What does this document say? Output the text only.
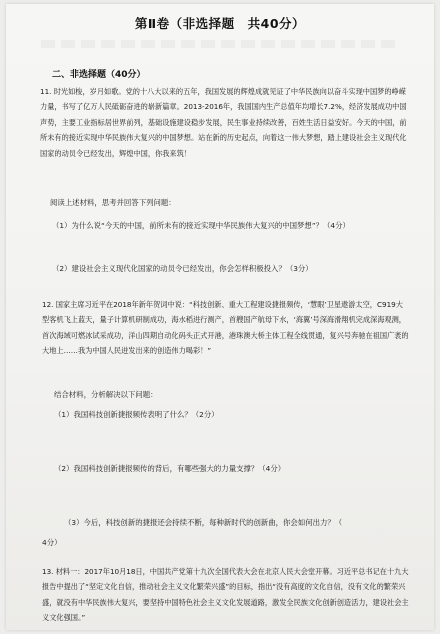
第Ⅱ卷（非选择题　共40分）
二、非选择题（40分）
11. 时光如梭，岁月如歌。党的十八大以来的五年，我国发展的辉煌成就见证了中华民族向以奋斗实现中国梦的峥嵘力量，书写了亿万人民砥砺奋进的崭新篇章。2013-2016年，我国国内生产总值年均增长7.2%，经济发展成功中国声势，主要工业指标居世界前列，基础设施建设稳步发展，民生事业持续改善，百姓生活日益安好。今天的中国，前所未有的接近实现中华民族伟大复兴的中国梦想。站在新的历史起点，向着这一伟大梦想，踏上建设社会主义现代化国家的动员令已经发出，辉煌中国，你我来筑！
阅读上述材料，思考并回答下列问题：
（1）为什么说“今天的中国，前所未有的接近实现中华民族伟大复兴的中国梦想”？（4分）
（2）建设社会主义现代化国家的动员令已经发出，你会怎样积极投入？（3分）
12. 国家主席习近平在2018年新年贺词中说：“科技创新、重大工程建设捷报频传，‘慧眼’卫星遨游太空，C919大型客机飞上蓝天，量子计算机研制成功，海水稻进行测产，首艘国产航母下水，‘海翼’号深海滑翔机完成深海观测，首次海域可燃冰试采成功，洋山四期自动化码头正式开港，港珠澳大桥主体工程全线贯通，复兴号奔驰在祖国广袤的大地上……我为中国人民迸发出来的创造伟力喝彩！”
结合材料，分析解决以下问题：
（1）我国科技创新捷报频传表明了什么？（2分）
（2）我国科技创新捷报频传的背后，有哪些强大的力量支撑？（4分）
（3）今后，科技创新的捷报还会持续不断，每种新时代的创新曲，你会如何出力？（
4分）
13. 材料一：2017年10月18日，中国共产党第十九次全国代表大会在北京人民大会堂开幕。习近平总书记在十九大报告中提出了“坚定文化自信，推动社会主义文化繁荣兴盛”的目标，指出“没有高度的文化自信，没有文化的繁荣兴盛，就没有中华民族伟大复兴，要坚持中国特色社会主义文化发展道路，激发全民族文化创新创造活力，建设社会主义文化强国。”
